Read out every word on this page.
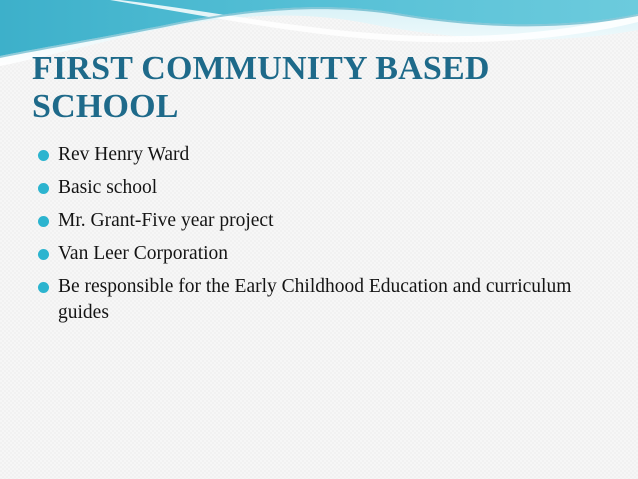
FIRST COMMUNITY BASED SCHOOL
Rev Henry Ward
Basic school
Mr. Grant-Five year project
Van Leer Corporation
Be responsible for the Early Childhood Education and curriculum guides
